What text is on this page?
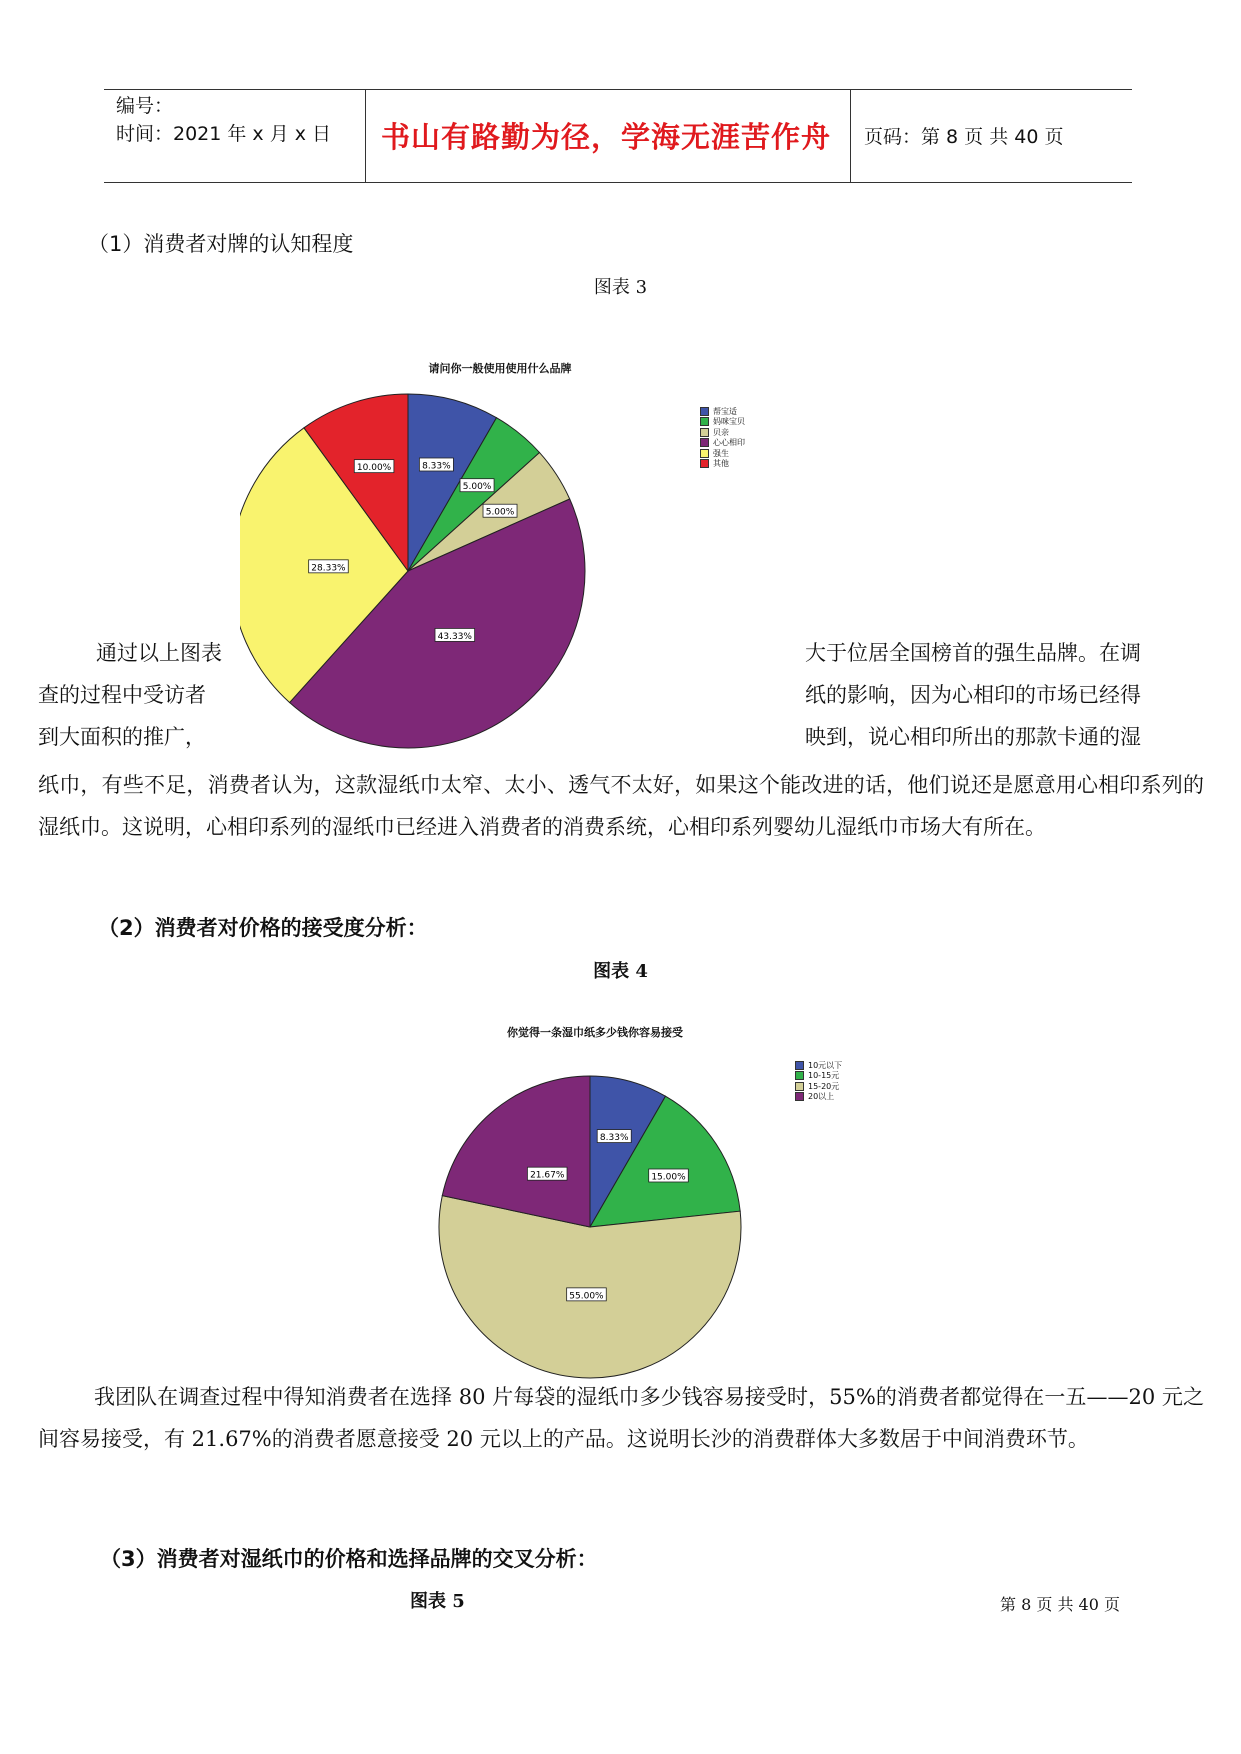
编号：
时间：2021 年 x 月 x 日	书山有路勤为径，学海无涯苦作舟	页码：第 8 页 共 40 页
（1）消费者对牌的认知程度
图表 3
通过以上图表	大于位居全国榜首的强生品牌。在调
查的过程中受访者	纸的影响，因为心相印的市场已经得
到大面积的推广，	映到，说心相印所出的那款卡通的湿
纸巾，有些不足，消费者认为，这款湿纸巾太窄、太小、透气不太好，如果这个能改进的话，他们说还是愿意用心相印系列的湿纸巾。这说明，心相印系列的湿纸巾已经进入消费者的消费系统，心相印系列婴幼儿湿纸巾市场大有所在。
请问你一般使用使用什么品牌
8.33%
5.00%
5.00%
43.33%
28.33%
10.00%
帮宝适
妈咪宝贝
贝亲
心心相印
强生
其他
（2）消费者对价格的接受度分析：
图表 4
你觉得一条湿巾纸多少钱你容易接受
8.33%
15.00%
55.00%
21.67%
10元以下
10-15元
15-20元
20以上
我团队在调查过程中得知消费者在选择 80 片每袋的湿纸巾多少钱容易接受时，55%的消费者都觉得在一五——20 元之间容易接受，有 21.67%的消费者愿意接受 20 元以上的产品。这说明长沙的消费群体大多数居于中间消费环节。
（3）消费者对湿纸巾的价格和选择品牌的交叉分析：
图表 5	第 8 页 共 40 页
